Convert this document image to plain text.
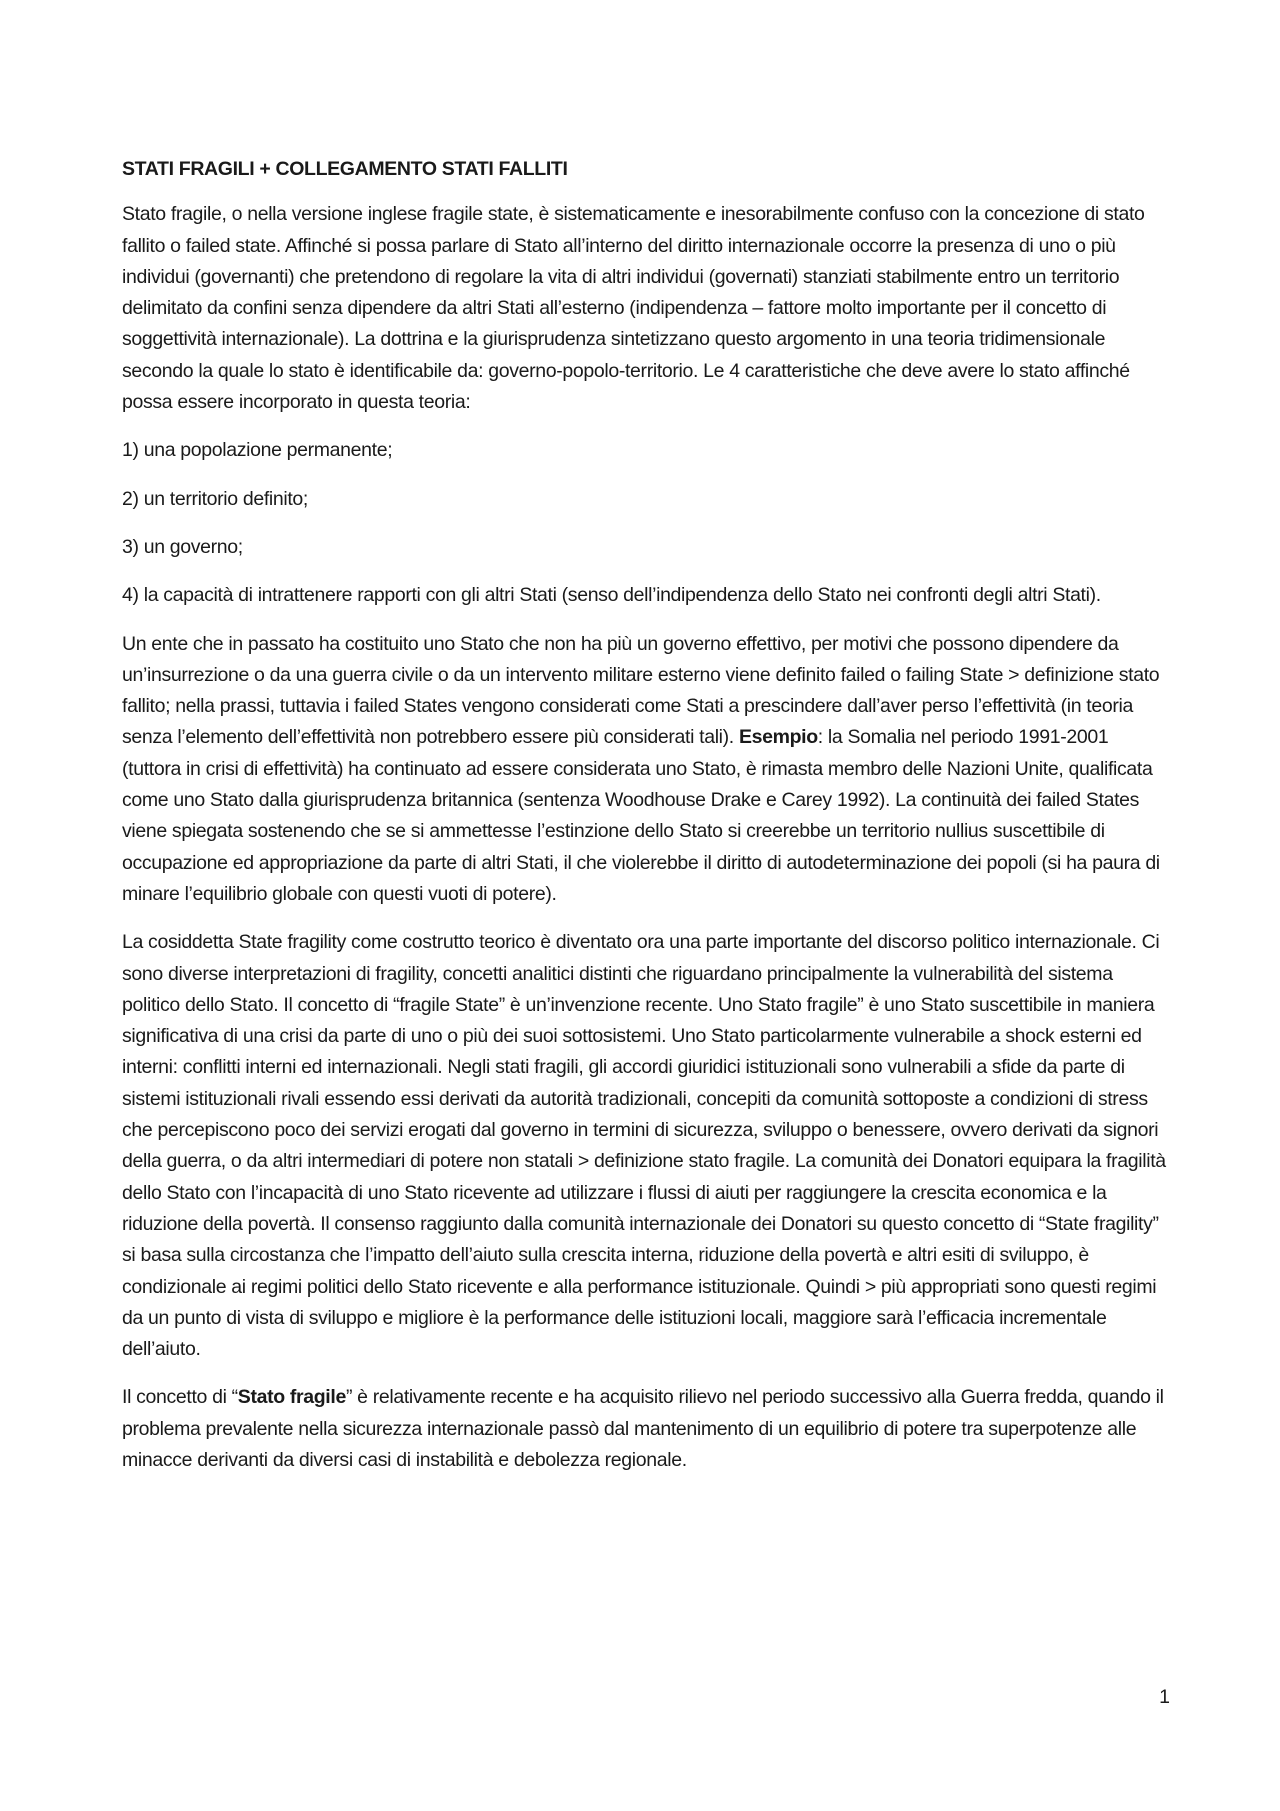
STATI FRAGILI + COLLEGAMENTO STATI FALLITI

Stato fragile, o nella versione inglese fragile state, è sistematicamente e inesorabilmente confuso con la concezione di stato fallito o failed state. Affinché si possa parlare di Stato all’interno del diritto internazionale occorre la presenza di uno o più individui (governanti) che pretendono di regolare la vita di altri individui (governati) stanziati stabilmente entro un territorio delimitato da confini senza dipendere da altri Stati all’esterno (indipendenza – fattore molto importante per il concetto di soggettività internazionale). La dottrina e la giurisprudenza sintetizzano questo argomento in una teoria tridimensionale secondo la quale lo stato è identificabile da: governo-popolo-territorio. Le 4 caratteristiche che deve avere lo stato affinché possa essere incorporato in questa teoria:

1) una popolazione permanente;

2) un territorio definito;

3) un governo;

4) la capacità di intrattenere rapporti con gli altri Stati (senso dell’indipendenza dello Stato nei confronti degli altri Stati).

Un ente che in passato ha costituito uno Stato che non ha più un governo effettivo, per motivi che possono dipendere da un’insurrezione o da una guerra civile o da un intervento militare esterno viene definito failed o failing State > definizione stato fallito; nella prassi, tuttavia i failed States vengono considerati come Stati a prescindere dall’aver perso l’effettività (in teoria senza l’elemento dell’effettività non potrebbero essere più considerati tali). Esempio: la Somalia nel periodo 1991-2001 (tuttora in crisi di effettività) ha continuato ad essere considerata uno Stato, è rimasta membro delle Nazioni Unite, qualificata come uno Stato dalla giurisprudenza britannica (sentenza Woodhouse Drake e Carey 1992). La continuità dei failed States viene spiegata sostenendo che se si ammettesse l’estinzione dello Stato si creerebbe un territorio nullius suscettibile di occupazione ed appropriazione da parte di altri Stati, il che violerebbe il diritto di autodeterminazione dei popoli (si ha paura di minare l’equilibrio globale con questi vuoti di potere).

La cosiddetta State fragility come costrutto teorico è diventato ora una parte importante del discorso politico internazionale. Ci sono diverse interpretazioni di fragility, concetti analitici distinti che riguardano principalmente la vulnerabilità del sistema politico dello Stato. Il concetto di “fragile State” è un’invenzione recente. Uno Stato fragile” è uno Stato suscettibile in maniera significativa di una crisi da parte di uno o più dei suoi sottosistemi. Uno Stato particolarmente vulnerabile a shock esterni ed interni: conflitti interni ed internazionali. Negli stati fragili, gli accordi giuridici istituzionali sono vulnerabili a sfide da parte di sistemi istituzionali rivali essendo essi derivati da autorità tradizionali, concepiti da comunità sottoposte a condizioni di stress che percepiscono poco dei servizi erogati dal governo in termini di sicurezza, sviluppo o benessere, ovvero derivati da signori della guerra, o da altri intermediari di potere non statali > definizione stato fragile. La comunità dei Donatori equipara la fragilità dello Stato con l’incapacità di uno Stato ricevente ad utilizzare i flussi di aiuti per raggiungere la crescita economica e la riduzione della povertà. Il consenso raggiunto dalla comunità internazionale dei Donatori su questo concetto di “State fragility” si basa sulla circostanza che l’impatto dell’aiuto sulla crescita interna, riduzione della povertà e altri esiti di sviluppo, è condizionale ai regimi politici dello Stato ricevente e alla performance istituzionale. Quindi > più appropriati sono questi regimi da un punto di vista di sviluppo e migliore è la performance delle istituzioni locali, maggiore sarà l’efficacia incrementale dell’aiuto.

Il concetto di “Stato fragile” è relativamente recente e ha acquisito rilievo nel periodo successivo alla Guerra fredda, quando il problema prevalente nella sicurezza internazionale passò dal mantenimento di un equilibrio di potere tra superpotenze alle minacce derivanti da diversi casi di instabilità e debolezza regionale.

1
